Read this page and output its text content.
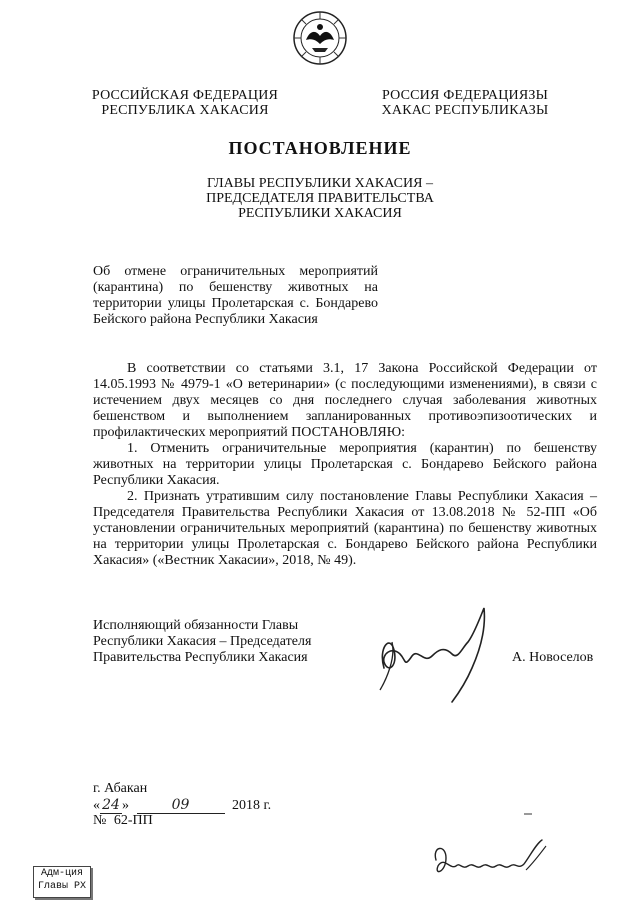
РОССИЙСКАЯ ФЕДЕРАЦИЯ
РЕСПУБЛИКА ХАКАСИЯ
РОССИЯ ФЕДЕРАЦИЯЗЫ
ХАКАС РЕСПУБЛИКАЗЫ
ПОСТАНОВЛЕНИЕ
ГЛАВЫ РЕСПУБЛИКИ ХАКАСИЯ –
ПРЕДСЕДАТЕЛЯ ПРАВИТЕЛЬСТВА
РЕСПУБЛИКИ ХАКАСИЯ
Об отмене ограничительных мероприятий (карантина) по бешенству животных на территории улицы Пролетарская с. Бондарево Бейского района Республики Хакасия

В соответствии со статьями 3.1, 17 Закона Российской Федерации от 14.05.1993 № 4979-1 «О ветеринарии» (с последующими изменениями), в связи с истечением двух месяцев со дня последнего случая заболевания животных бешенством и выполнением запланированных противоэпизоотических и профилактических мероприятий ПОСТАНОВЛЯЮ:

1. Отменить ограничительные мероприятия (карантин) по бешенству животных на территории улицы Пролетарская с. Бондарево Бейского района Республики Хакасия.

2. Признать утратившим силу постановление Главы Республики Хакасия – Председателя Правительства Республики Хакасия от 13.08.2018 № 52-ПП «Об установлении ограничительных мероприятий (карантина) по бешенству животных на территории улицы Пролетарская с. Бондарево Бейского района Республики Хакасия» («Вестник Хакасии», 2018, № 49).

Исполняющий обязанности Главы
Республики Хакасия – Председателя
Правительства Республики Хакасия	А. Новоселов
г. Абакан
« 24 »	09	2018 г.
№ 62-ПП
Адм-ция
Главы РХ
